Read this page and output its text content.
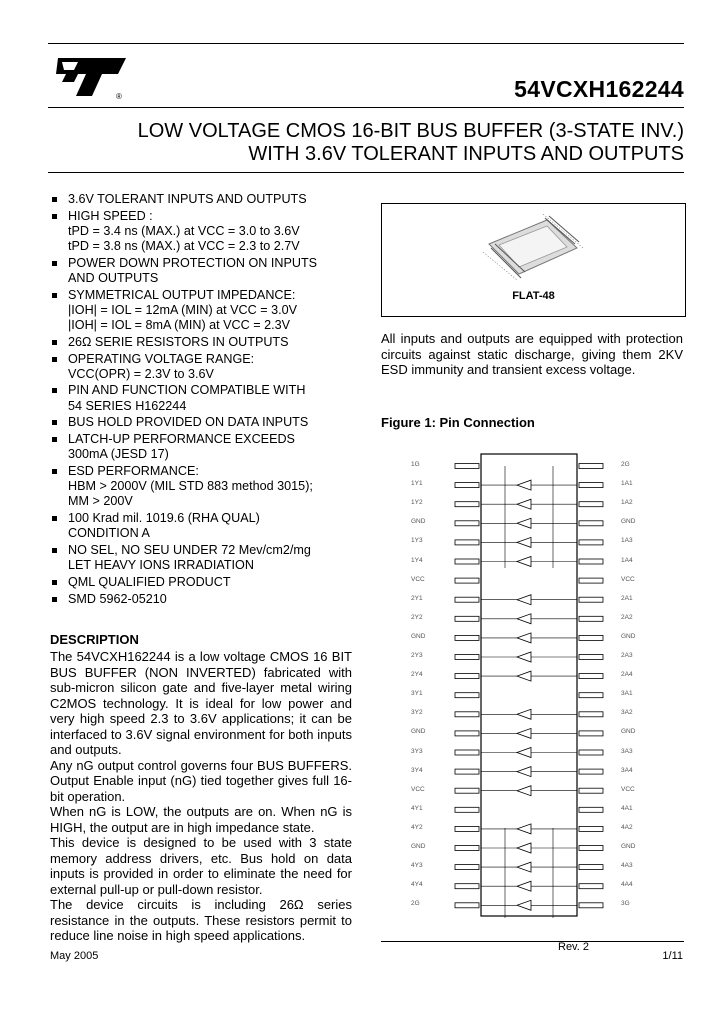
®	54VCXH162244
LOW VOLTAGE CMOS 16-BIT BUS BUFFER (3-STATE INV.)
WITH 3.6V TOLERANT INPUTS AND OUTPUTS
3.6V TOLERANT INPUTS AND OUTPUTS
HIGH SPEED :
tPD = 3.4 ns (MAX.) at VCC = 3.0 to 3.6V
tPD = 3.8 ns (MAX.) at VCC = 2.3 to 2.7V
POWER DOWN PROTECTION ON INPUTS
AND OUTPUTS
SYMMETRICAL OUTPUT IMPEDANCE:
|IOH| = IOL = 12mA (MIN) at VCC = 3.0V
|IOH| = IOL = 8mA (MIN) at VCC = 2.3V
26Ω SERIE RESISTORS IN OUTPUTS
OPERATING VOLTAGE RANGE:
VCC(OPR) = 2.3V to 3.6V
PIN AND FUNCTION COMPATIBLE WITH
54 SERIES H162244
BUS HOLD PROVIDED ON DATA INPUTS
LATCH-UP PERFORMANCE EXCEEDS
300mA (JESD 17)
ESD PERFORMANCE:
HBM > 2000V (MIL STD 883 method 3015);
MM > 200V
100 Krad mil. 1019.6 (RHA QUAL)
CONDITION A
NO SEL, NO SEU UNDER 72 Mev/cm2/mg
LET HEAVY IONS IRRADIATION
QML QUALIFIED PRODUCT
SMD 5962-05210
DESCRIPTION

The 54VCXH162244 is a low voltage CMOS 16 BIT BUS BUFFER (NON INVERTED) fabricated with sub-micron silicon gate and five-layer metal wiring C2MOS technology. It is ideal for low power and very high speed 2.3 to 3.6V applications; it can be interfaced to 3.6V signal environment for both inputs and outputs.

Any nG output control governs four BUS BUFFERS. Output Enable input (nG) tied together gives full 16-bit operation.

When nG is LOW, the outputs are on. When nG is HIGH, the output are in high impedance state.

This device is designed to be used with 3 state memory address drivers, etc. Bus hold on data inputs is provided in order to eliminate the need for external pull-up or pull-down resistor.

The device circuits is including 26Ω series resistance in the outputs. These resistors permit to reduce line noise in high speed applications.

FLAT-48
All inputs and outputs are equipped with protection circuits against static discharge, giving them 2KV ESD immunity and transient excess voltage.
Figure 1: Pin Connection
1G	2G
1Y1	1A1
1Y2	1A2
GND	GND
1Y3	1A3
1Y4	1A4
VCC	VCC
2Y1	2A1
2Y2	2A2
GND	GND
2Y3	2A3
2Y4	2A4
3Y1	3A1
3Y2	3A2
GND	GND
3Y3	3A3
3Y4	3A4
VCC	VCC
4Y1	4A1
4Y2	4A2
GND	GND
4Y3	4A3
4Y4	4A4
2G	3G
Rev. 2
May 2005	1/11
